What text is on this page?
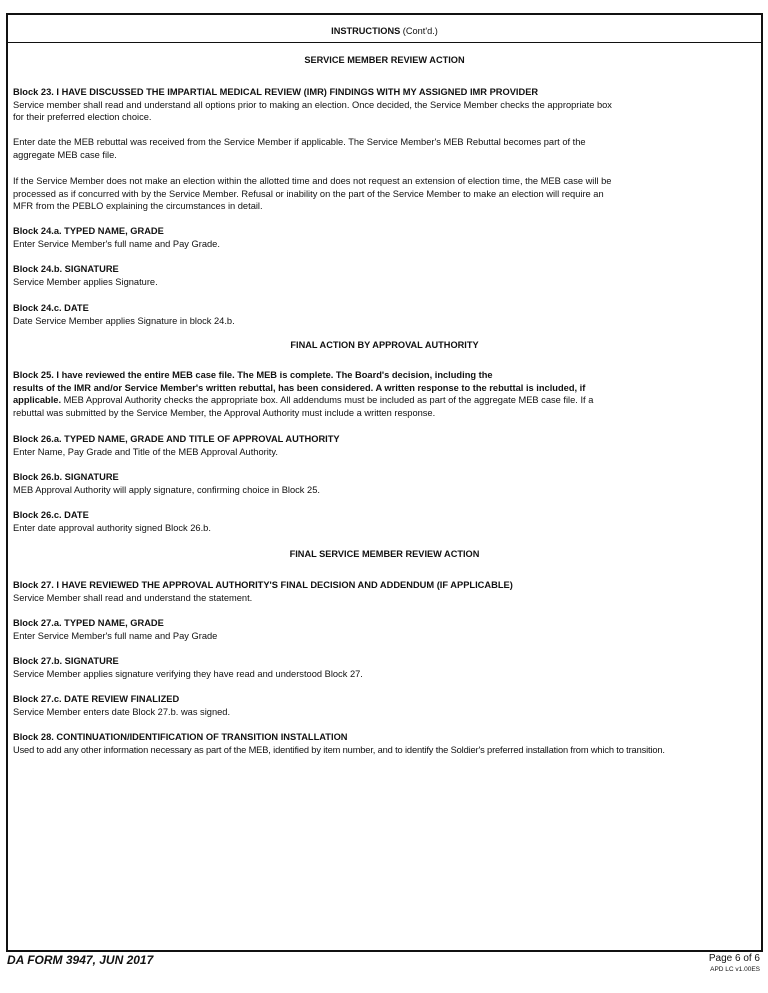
INSTRUCTIONS (Cont'd.)
SERVICE MEMBER REVIEW ACTION
FINAL ACTION BY APPROVAL AUTHORITY
FINAL SERVICE MEMBER REVIEW ACTION
Block 23. I HAVE DISCUSSED THE IMPARTIAL MEDICAL REVIEW (IMR) FINDINGS WITH MY ASSIGNED IMR PROVIDER
Service member shall read and understand all options prior to making an election. Once decided, the Service Member checks the appropriate box
for their preferred election choice.
Enter date the MEB rebuttal was received from the Service Member if applicable. The Service Member's MEB Rebuttal becomes part of the
aggregate MEB case file.
If the Service Member does not make an election within the allotted time and does not request an extension of election time, the MEB case will be
processed as if concurred with by the Service Member. Refusal or inability on the part of the Service Member to make an election will require an
MFR from the PEBLO explaining the circumstances in detail.
Block 24.a. TYPED NAME, GRADE
Enter Service Member's full name and Pay Grade.
Block 24.b. SIGNATURE
Service Member applies Signature.
Block 24.c. DATE
Date Service Member applies Signature in block 24.b.
Block 25. I have reviewed the entire MEB case file. The MEB is complete. The Board's decision, including the
results of the IMR and/or Service Member's written rebuttal, has been considered. A written response to the rebuttal is included, if
applicable. MEB Approval Authority checks the appropriate box. All addendums must be included as part of the aggregate MEB case file. If a
rebuttal was submitted by the Service Member, the Approval Authority must include a written response.
Block 26.a. TYPED NAME, GRADE AND TITLE OF APPROVAL AUTHORITY
Enter Name, Pay Grade and Title of the MEB Approval Authority.
Block 26.b. SIGNATURE
MEB Approval Authority will apply signature, confirming choice in Block 25.
Block 26.c. DATE
Enter date approval authority signed Block 26.b.
Block 27. I HAVE REVIEWED THE APPROVAL AUTHORITY'S FINAL DECISION AND ADDENDUM (IF APPLICABLE)
Service Member shall read and understand the statement.
Block 27.a. TYPED NAME, GRADE
Enter Service Member's full name and Pay Grade
Block 27.b. SIGNATURE
Service Member applies signature verifying they have read and understood Block 27.
Block 27.c. DATE REVIEW FINALIZED
Service Member enters date Block 27.b. was signed.
Block 28. CONTINUATION/IDENTIFICATION OF TRANSITION INSTALLATION
Used to add any other information necessary as part of the MEB, identified by item number, and to identify the Soldier's preferred installation from which to transition.
DA FORM 3947, JUN 2017	Page 6 of 6
APD LC v1.00ES
